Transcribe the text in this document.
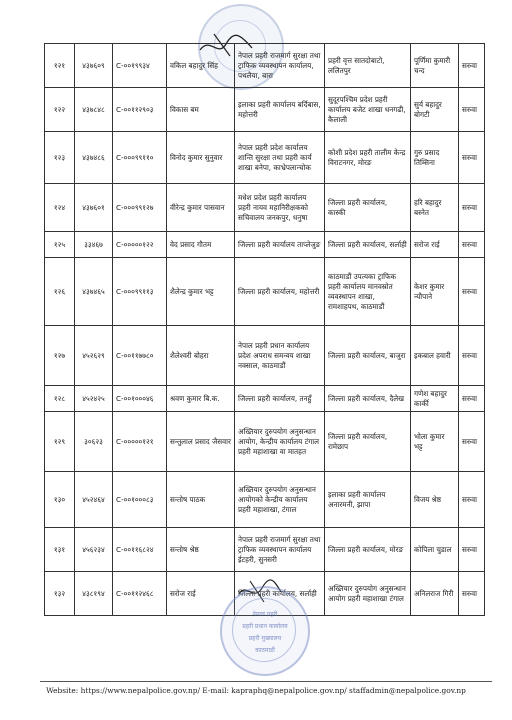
१२१	४३७६०९	C-००१९९३४	वकिल बहादुर सिंह	नेपाल प्रहरी राजमार्ग सुरक्षा तथा ट्राफिक व्यवस्थापन कार्यालय, पथलैया, बारा	प्रहरी वृत्त सातदोबाटो, ललितपुर	पूर्णिमा कुमारी चन्द	सरुवा
१२२	४३७८४८	C-००११२९०३	विकास बम	इलाका प्रहरी कार्यालय बर्दिबास, महोत्तरी	सुदूरपश्चिम प्रदेश प्रहरी कार्यालय बजेट शाखा धनगढी, कैलाली	सुर्य बहादुर बोगटी	सरुवा
१२३	४३७४८६	C-०००९९११०	विनोद कुमार सुनुवार	नेपाल प्रहरी प्रदेश कार्यालय शान्ति सुरक्षा तथा प्रहरी कार्य शाखा बनेपा, काभ्रेपलान्चोक	कोशी प्रदेश प्रहरी तालीम केन्द्र विराटनगर, मोरङ	गुरु प्रसाद तिम्सिना	सरुवा
१२४	४३७६०१	C-०००९९१२७	वीरेन्द्र कुमार पासवान	मधेश प्रदेश प्रहरी कार्यालय प्रहरी नायव महानिरीक्षकको सचिवालय जनकपुर, धनुषा	जिल्ला प्रहरी कार्यालय, कास्की	हरि बहादुर बस्नेत	सरुवा
१२५	३३४६७	C-०००००१२२	वेद प्रसाद गौतम	जिल्ला प्रहरी कार्यालय ताप्लेजुङ	जिल्ला प्रहरी कार्यालय, सर्लाही	सरोज राई	सरुवा
१२६	४३७४६५	C-०००९९११३	शैलेन्द्र कुमार भट्ट	जिल्ला प्रहरी कार्यालय, महोत्तरी	काठमाडौं उपत्यका ट्राफिक प्रहरी कार्यालय मानवस्रोत व्यवस्थापन शाखा, रामशाहपथ, काठमाडौं	केशर कुमार न्यौपाने	सरुवा
१२७	४५२६२९	C-००११७७८०	शैलेश्वरी बोहरा	नेपाल प्रहरी प्रधान कार्यालय प्रदेश अपराध समन्वय शाखा नक्साल, काठमाडौं	जिल्ला प्रहरी कार्यालय, बाजुरा	इकबाल हवारी	सरुवा
१२८	४५२४२५	C-००१०००४६	श्रवण कुमार बि.क.	जिल्ला प्रहरी कार्यालय, तनहुँ	जिल्ला प्रहरी कार्यालय, दैलेख	गणेश बहादुर कार्की	सरुवा
१२९	३०६२३	C-०००००१२१	सन्तुलाल प्रसाद जैसवार	अख्तियार दुरुपयोग अनुसन्धान आयोग, केन्द्रीय कार्यालय टंगाल प्रहरी महाशाखा वा मातहत	जिल्ला प्रहरी कार्यालय, रामेछाप	भोला कुमार भट्ट	सरुवा
१३०	४५२४६४	C-००१०००८३	सन्तोष पाठक	अख्तियार दुरुपयोग अनुसन्धान आयोगको केन्द्रीय कार्यालय प्रहरी महाशाखा, टंगाल	इलाका प्रहरी कार्यालय अनारमनी, झापा	विजय श्रेष्ठ	सरुवा
१३१	४५६२३४	C-००११६८२४	सन्तोष श्रेष्ठ	नेपाल प्रहरी राजमार्ग सुरक्षा तथा ट्राफिक व्यवस्थापन कार्यालय ईटहरी, सुनसरी	जिल्ला प्रहरी कार्यालय, मोरङ	कोपिला चुडाल	सरुवा
१३२	४३८१९४	C-००११२४६८	सरोज राई	जिल्ला प्रहरी कार्यालय, सर्लाही	अख्तियार दुरुपयोग अनुसन्धान आयोग प्रहरी महाशाखा टंगाल	अनिलराज गिरी	सरुवा
नेपाल प्रहरी
प्रहरी प्रधान कार्यालय
प्रहरी मुख्यालय
काठमाडौं
Website: https://www.nepalpolice.gov.np/ E-mail: kapraphq@nepalpolice.gov.np/ staffadmin@nepalpolice.gov.np
